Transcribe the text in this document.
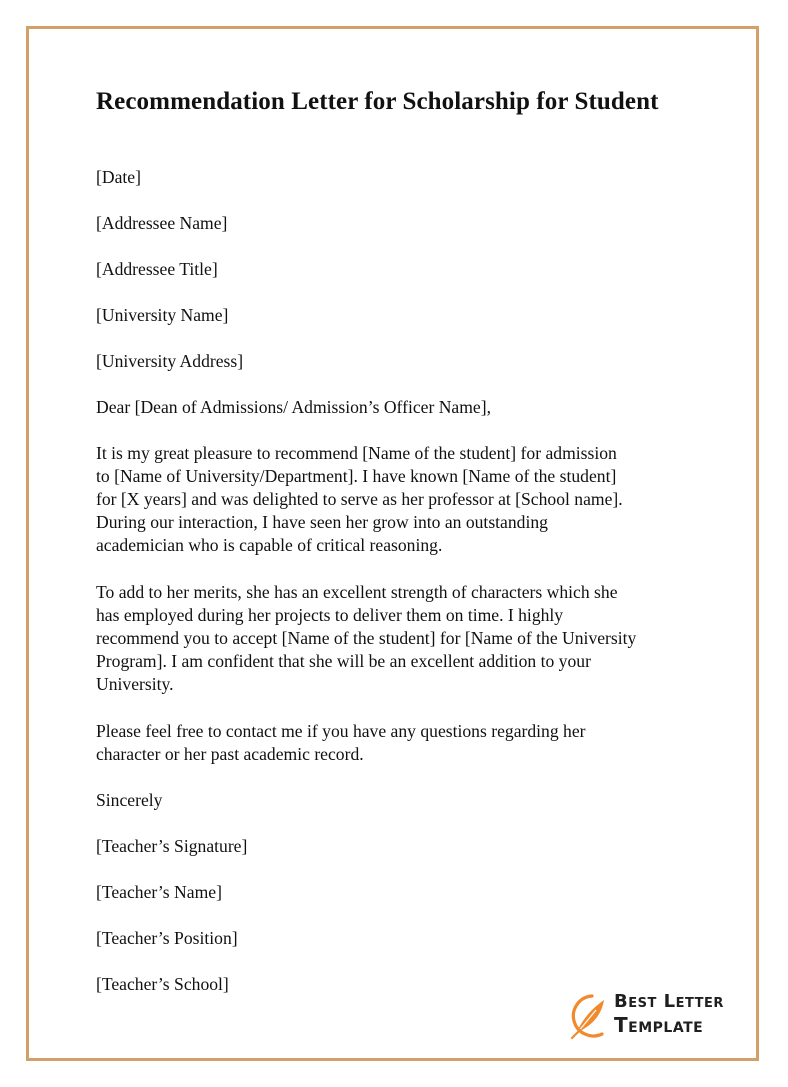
Recommendation Letter for Scholarship for Student

[Date]

[Addressee Name]

[Addressee Title]

[University Name]

[University Address]

Dear [Dean of Admissions/ Admission’s Officer Name],

It is my great pleasure to recommend [Name of the student] for admission
to [Name of University/Department]. I have known [Name of the student]
for [X years] and was delighted to serve as her professor at [School name].
During our interaction, I have seen her grow into an outstanding
academician who is capable of critical reasoning.
To add to her merits, she has an excellent strength of characters which she
has employed during her projects to deliver them on time. I highly
recommend you to accept [Name of the student] for [Name of the University
Program]. I am confident that she will be an excellent addition to your
University.
Please feel free to contact me if you have any questions regarding her
character or her past academic record.

Sincerely

[Teacher’s Signature]

[Teacher’s Name]

[Teacher’s Position]

[Teacher’s School]

Best Letter
Template
